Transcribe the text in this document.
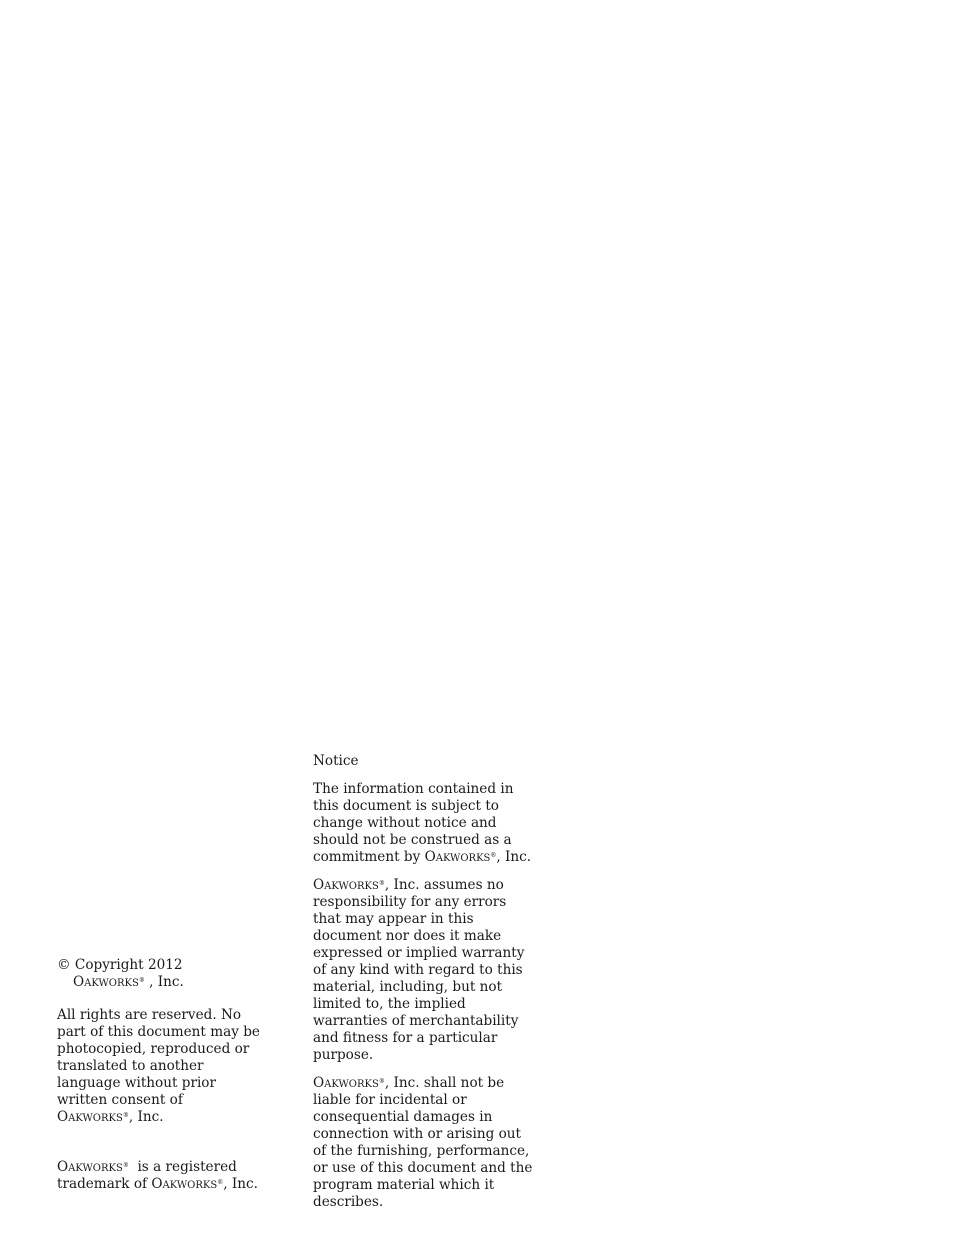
© Copyright 2012
Oakworks® , Inc.

All rights are reserved. No part of this document may be photocopied, reproduced or translated to another language without prior written consent of Oakworks®, Inc.

Oakworks®  is a registered trademark of Oakworks®, Inc.

Notice

The information contained in this document is subject to change without notice and should not be construed as a commitment by Oakworks®, Inc.

Oakworks®, Inc. assumes no responsibility for any errors that may appear in this document nor does it make expressed or implied warranty of any kind with regard to this material, including, but not limited to, the implied warranties of merchantability and fitness for a particular purpose.

Oakworks®, Inc. shall not be liable for incidental or consequential damages in connection with or arising out of the furnishing, performance, or use of this document and the program material which it describes.
